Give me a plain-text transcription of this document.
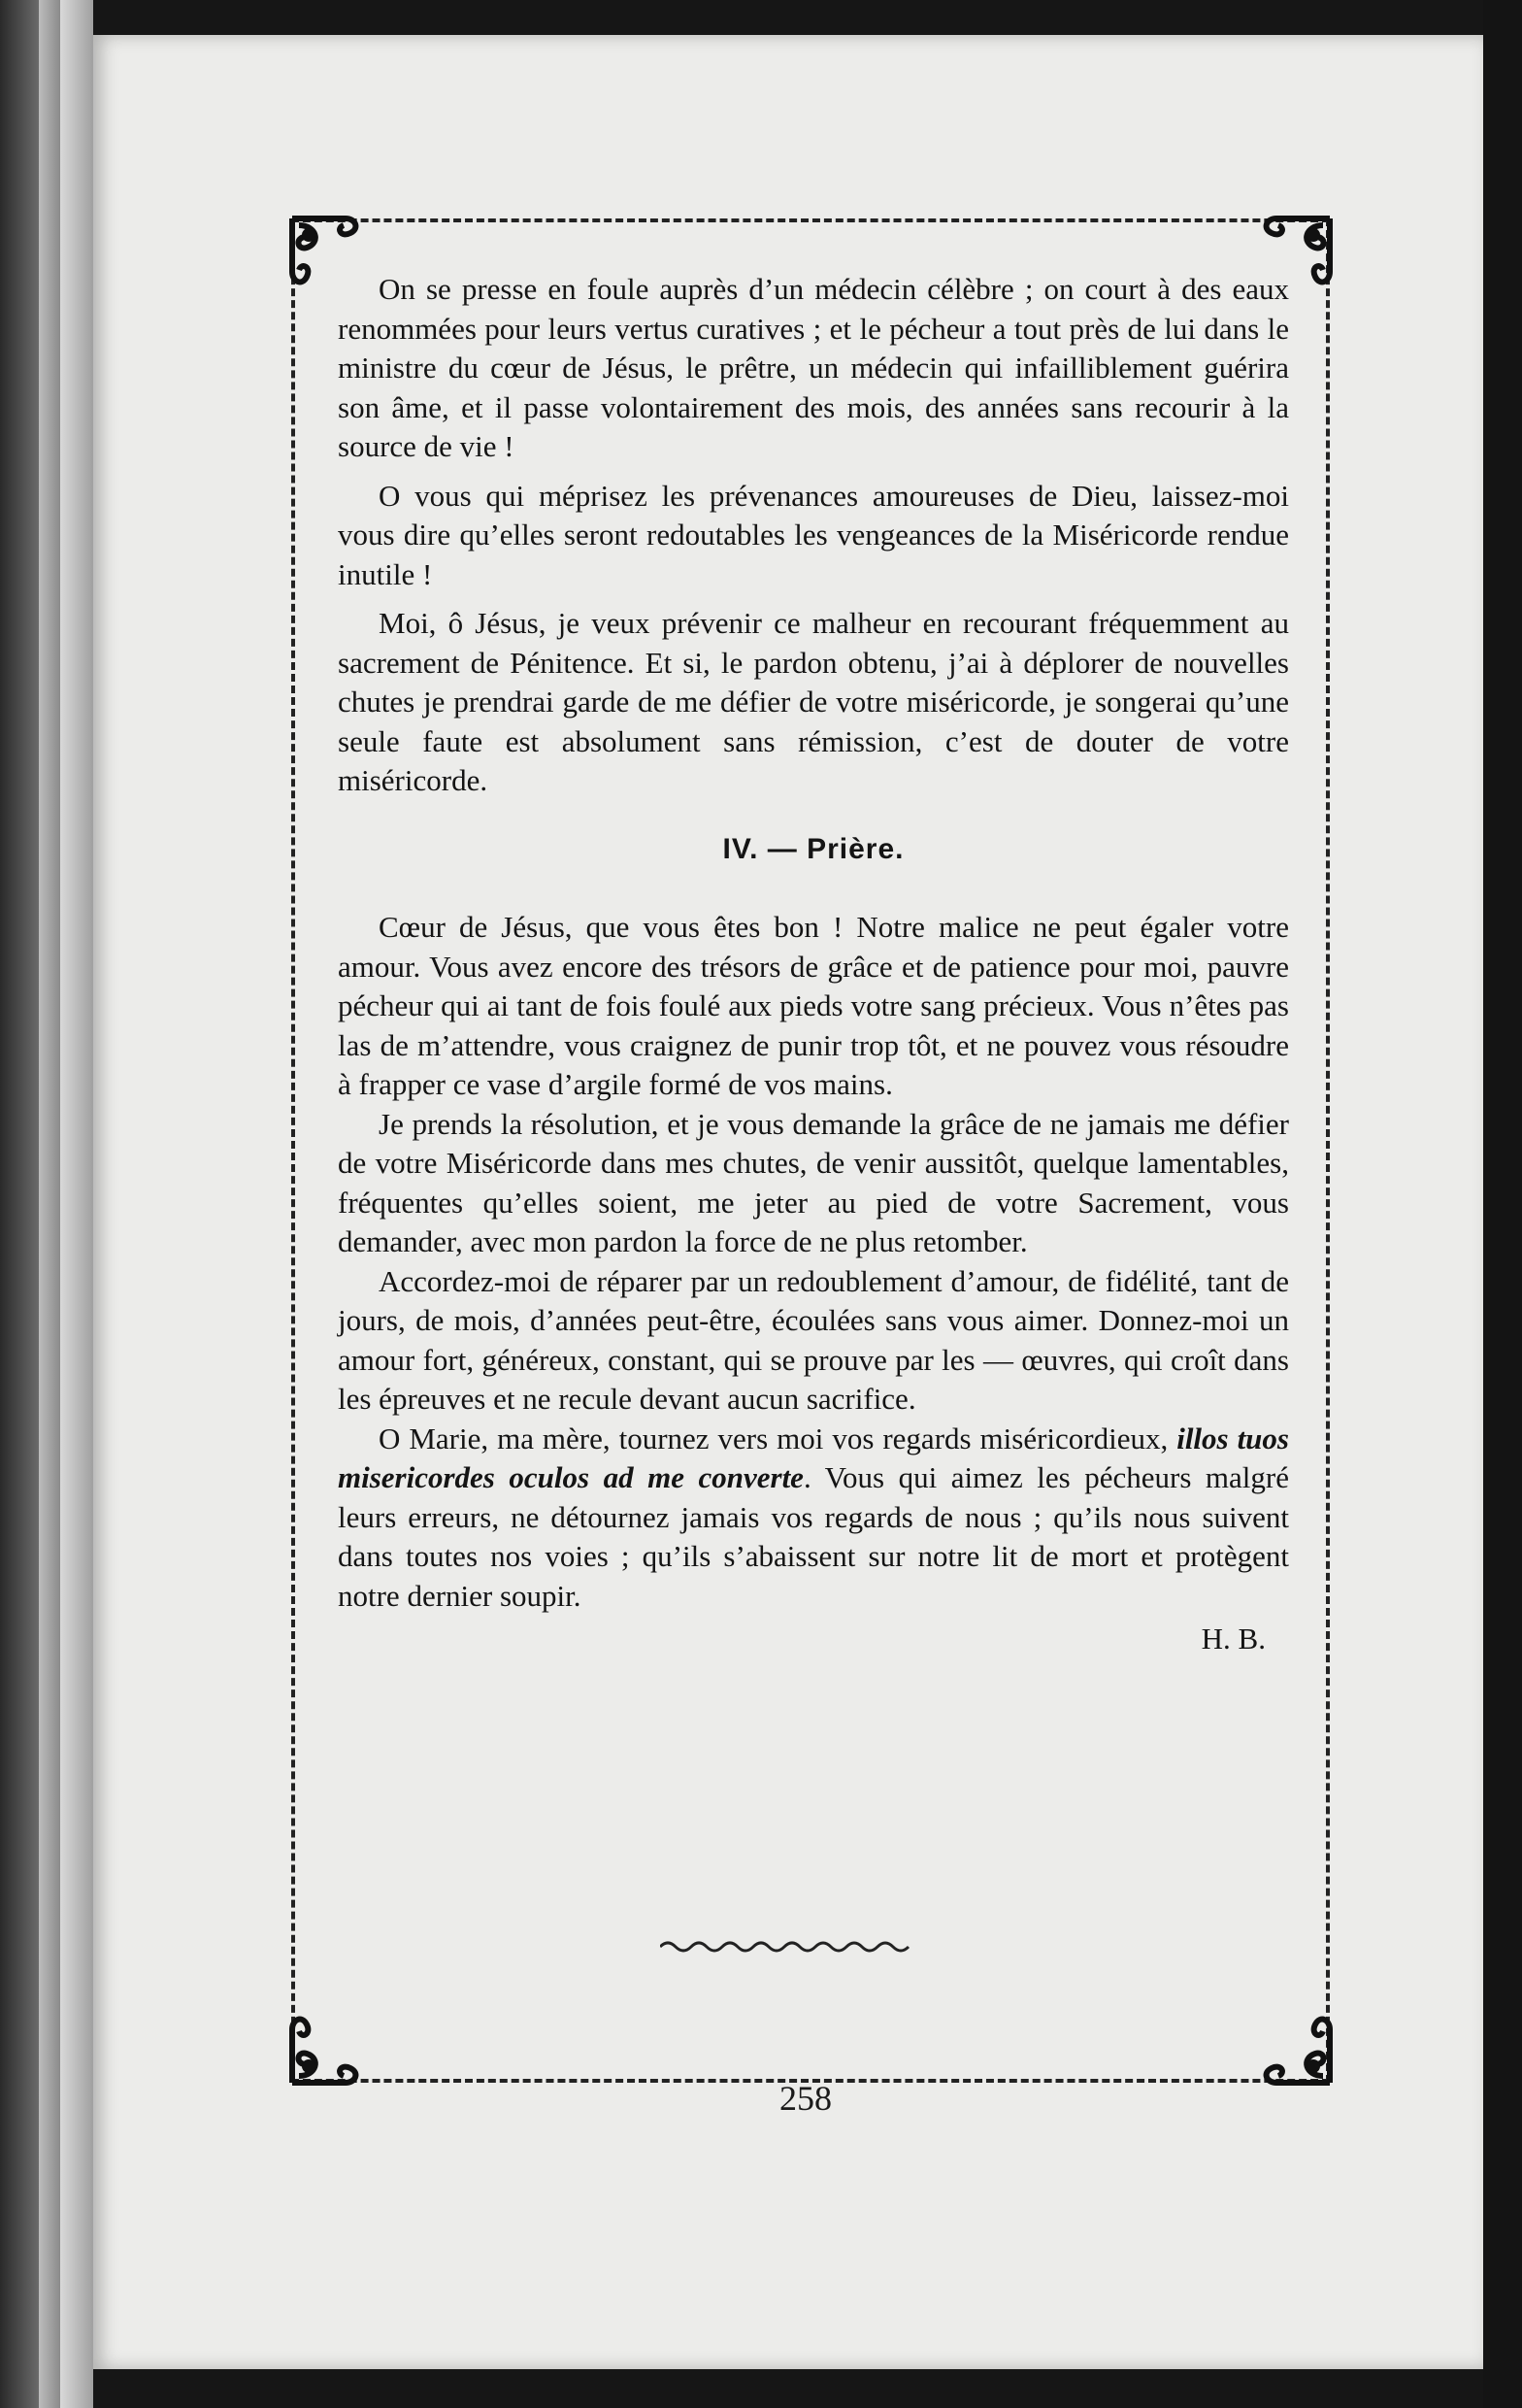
On se presse en foule auprès d’un médecin célèbre ; on court à des eaux renommées pour leurs vertus curatives ; et le pécheur a tout près de lui dans le ministre du cœur de Jésus, le prêtre, un médecin qui infailliblement guérira son âme, et il passe volontairement des mois, des années sans recourir à la source de vie !

O vous qui méprisez les prévenances amoureuses de Dieu, laissez-moi vous dire qu’elles seront redoutables les vengeances de la Miséricorde rendue inutile !

Moi, ô Jésus, je veux prévenir ce malheur en recourant fréquemment au sacrement de Pénitence. Et si, le pardon obtenu, j’ai à déplorer de nouvelles chutes je prendrai garde de me défier de votre miséricorde, je songerai qu’une seule faute est absolument sans rémission, c’est de douter de votre miséricorde.

IV. — Prière.

Cœur de Jésus, que vous êtes bon ! Notre malice ne peut égaler votre amour. Vous avez encore des trésors de grâce et de patience pour moi, pauvre pécheur qui ai tant de fois foulé aux pieds votre sang précieux. Vous n’êtes pas las de m’attendre, vous craignez de punir trop tôt, et ne pouvez vous résoudre à frapper ce vase d’argile formé de vos mains.

Je prends la résolution, et je vous demande la grâce de ne jamais me défier de votre Miséricorde dans mes chutes, de venir aussitôt, quelque lamentables, fréquentes qu’elles soient, me jeter au pied de votre Sacrement, vous demander, avec mon pardon la force de ne plus retomber.

Accordez-moi de réparer par un redoublement d’amour, de fidélité, tant de jours, de mois, d’années peut-être, écoulées sans vous aimer. Donnez-moi un amour fort, généreux, constant, qui se prouve par les — œuvres, qui croît dans les épreuves et ne recule devant aucun sacrifice.

O Marie, ma mère, tournez vers moi vos regards miséricordieux, illos tuos misericordes oculos ad me converte. Vous qui aimez les pécheurs malgré leurs erreurs, ne détournez jamais vos regards de nous ; qu’ils nous suivent dans toutes nos voies ; qu’ils s’abaissent sur notre lit de mort et protègent notre dernier soupir.

H. B.
258
